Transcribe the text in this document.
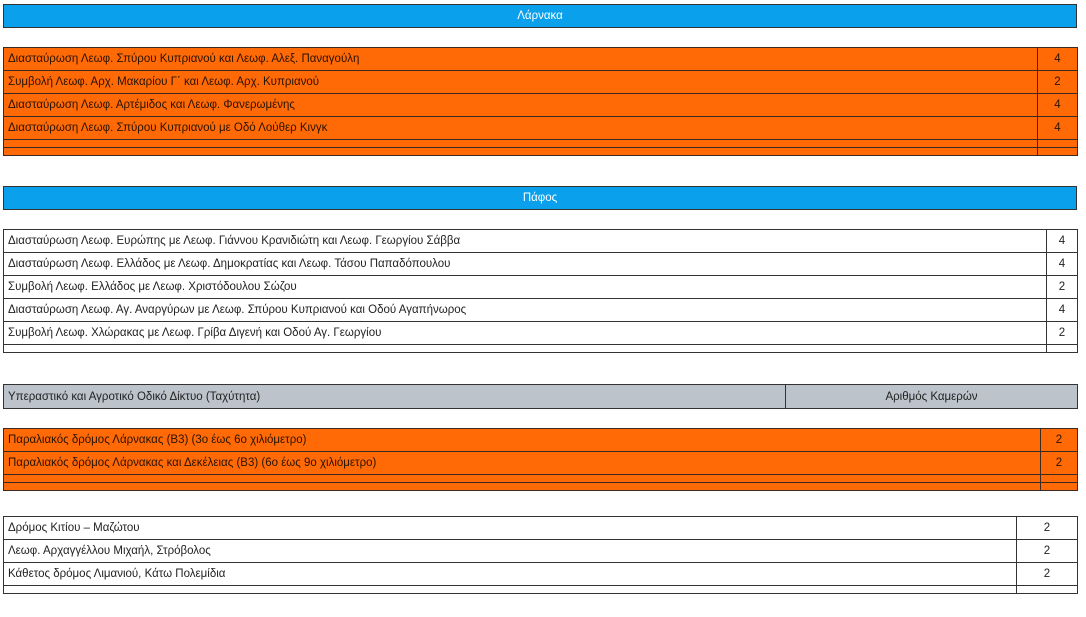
Λάρνακα
Διασταύρωση Λεωφ. Σπύρου Κυπριανού και Λεωφ. Αλεξ. Παναγούλη	4
Συμβολή Λεωφ. Αρχ. Μακαρίου Γ΄ και Λεωφ. Αρχ. Κυπριανού	2
Διασταύρωση Λεωφ. Αρτέμιδος και Λεωφ. Φανερωμένης	4
Διασταύρωση Λεωφ. Σπύρου Κυπριανού με Οδό Λούθερ Κινγκ	4

Πάφος
Διασταύρωση Λεωφ. Ευρώπης με Λεωφ. Γιάννου Κρανιδιώτη και Λεωφ. Γεωργίου Σάββα	4
Διασταύρωση Λεωφ. Ελλάδος με Λεωφ. Δημοκρατίας και Λεωφ. Τάσου Παπαδόπουλου	4
Συμβολή Λεωφ. Ελλάδος με Λεωφ. Χριστόδουλου Σώζου	2
Διασταύρωση Λεωφ. Αγ. Αναργύρων με Λεωφ. Σπύρου Κυπριανού και Οδού Αγαπήνωρος	4
Συμβολή Λεωφ. Χλώρακας με Λεωφ. Γρίβα Διγενή και Οδού Αγ. Γεωργίου	2

Υπεραστικό και Αγροτικό Οδικό Δίκτυο (Ταχύτητα)	Αριθμός Καμερών
Παραλιακός δρόμος Λάρνακας (Β3) (3ο έως 6ο χιλιόμετρο)	2
Παραλιακός δρόμος Λάρνακας και Δεκέλειας (Β3) (6ο έως 9ο χιλιόμετρο)	2

Δρόμος Κιτίου – Μαζώτου	2
Λεωφ. Αρχαγγέλλου Μιχαήλ, Στρόβολος	2
Κάθετος δρόμος Λιμανιού, Κάτω Πολεμίδια	2
